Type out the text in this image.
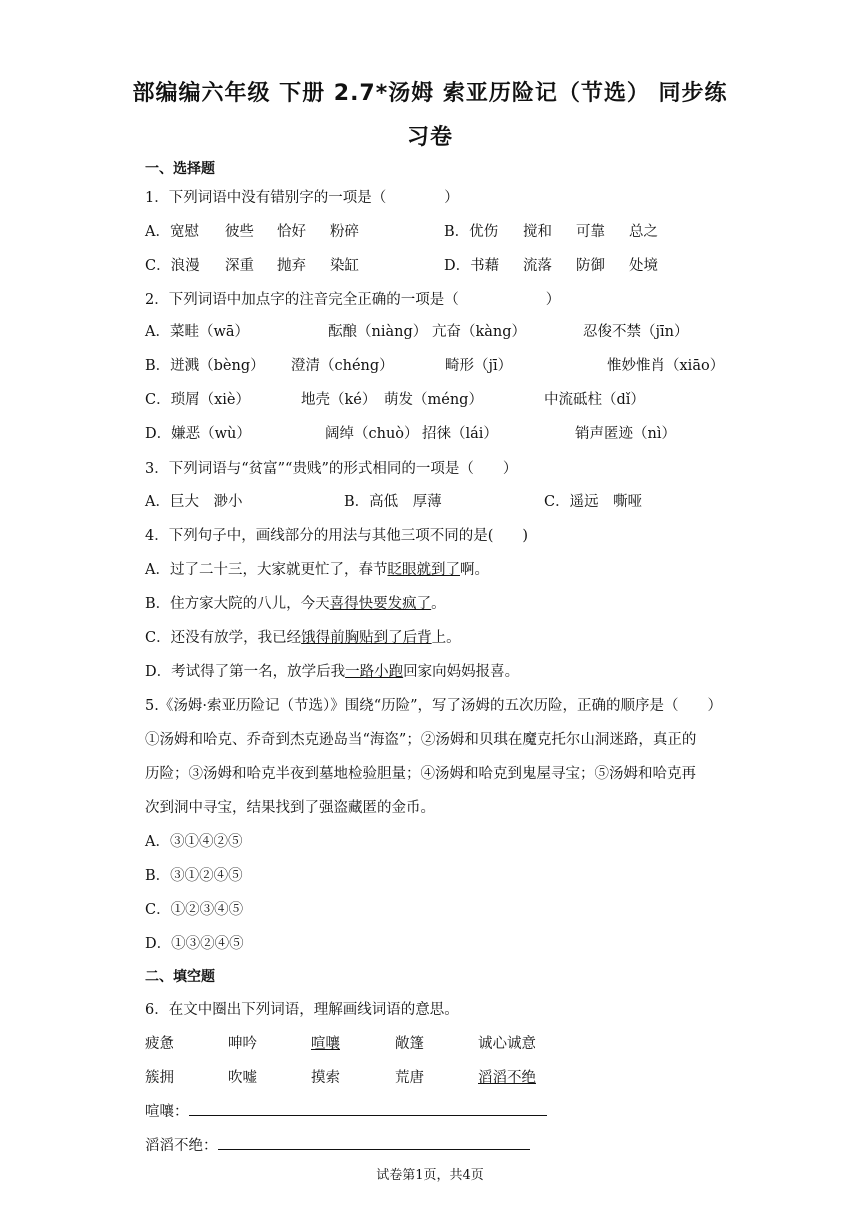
部编编六年级 下册 2.7*汤姆 索亚历险记（节选） 同步练
习卷
一、选择题
1．下列词语中没有错别字的一项是（　　　　）
A．宽慰 彼些 恰好 粉碎	B．优伤 搅和 可靠 总之
C．浪漫 深重 抛弃 染缸	D．书藉 流落 防御 处境
2．下列词语中加点字的注音完全正确的一项是（　　　　　　）
A．菜畦（wā）	酝酿（niàng） 亢奋（kàng）	忍俊不禁（jīn）
B．迸溅（bèng） 澄清（chéng）	畸形（jī）	惟妙惟肖（xiāo）
C．琐屑（xiè）	地壳（ké） 萌发（méng）	中流砥柱（dǐ）
D．嫌恶（wù）	阔绰（chuò） 招徕（lái）	销声匿迹（nì）
3．下列词语与“贫富”“贵贱”的形式相同的一项是（　　）
A．巨大　渺小	B．高低　厚薄	C．遥远　嘶哑
4．下列句子中，画线部分的用法与其他三项不同的是(　　)
A．过了二十三，大家就更忙了，春节眨眼就到了啊。
B．住方家大院的八儿，今天喜得快要发疯了。
C．还没有放学，我已经饿得前胸贴到了后背上。
D．考试得了第一名，放学后我一路小跑回家向妈妈报喜。
5.《汤姆·索亚历险记（节选）》围绕“历险”，写了汤姆的五次历险，正确的顺序是（　　）
①汤姆和哈克、乔奇到杰克逊岛当“海盗”；②汤姆和贝琪在魔克托尔山洞迷路，真正的
历险；③汤姆和哈克半夜到墓地检验胆量；④汤姆和哈克到鬼屋寻宝；⑤汤姆和哈克再
次到洞中寻宝，结果找到了强盗藏匿的金币。
A．③①④②⑤
B．③①②④⑤
C．①②③④⑤
D．①③②④⑤
二、填空题
6．在文中圈出下列词语，理解画线词语的意思。
疲惫	呻吟	喧嚷	敞篷	诚心诚意
簇拥	吹嘘	摸索	荒唐	滔滔不绝
喧嚷：
滔滔不绝：
试卷第1页，共4页
